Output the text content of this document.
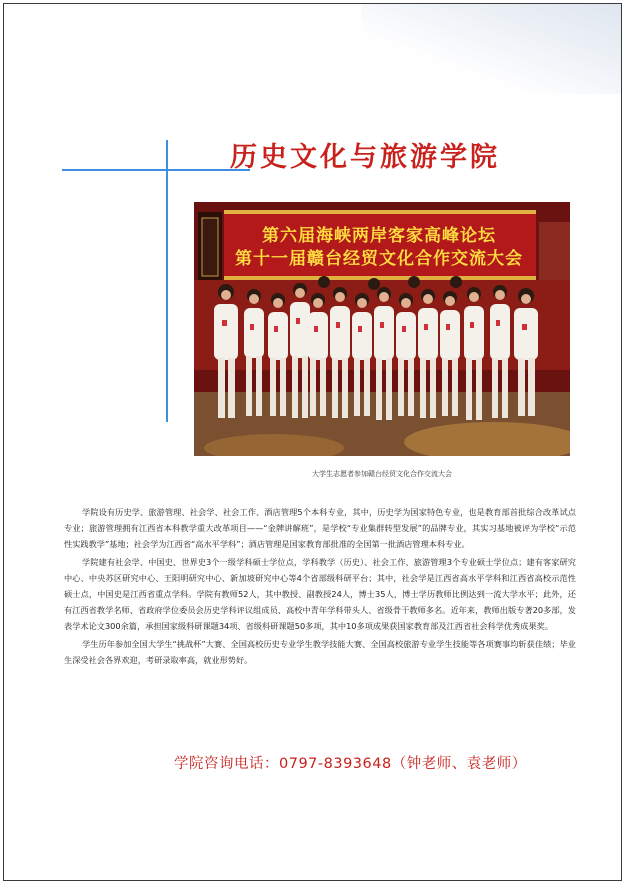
历史文化与旅游学院
第六届海峡两岸客家高峰论坛
第十一届赣台经贸文化合作交流大会
大学生志愿者参加赣台经贸文化合作交流大会

学院设有历史学、旅游管理、社会学、社会工作、酒店管理5个本科专业，其中，历史学为国家特色专业，也是教育部首批综合改革试点专业；旅游管理拥有江西省本科教学重大改革项目——“金牌讲解班”，是学校“专业集群转型发展”的品牌专业，其实习基地被评为学校“示范性实践教学”基地；社会学为江西省“高水平学科”；酒店管理是国家教育部批准的全国第一批酒店管理本科专业。

学院建有社会学、中国史、世界史3个一级学科硕士学位点，学科教学（历史）、社会工作、旅游管理3个专业硕士学位点；建有客家研究中心、中央苏区研究中心、王阳明研究中心、新加坡研究中心等4个省部级科研平台；其中，社会学是江西省高水平学科和江西省高校示范性硕士点，中国史是江西省重点学科。学院有教师52人，其中教授、副教授24人，博士35人，博士学历教师比例达到一流大学水平；此外，还有江西省教学名师、省政府学位委员会历史学科评议组成员、高校中青年学科带头人、省级骨干教师多名。近年来，教师出版专著20多部，发表学术论文300余篇，承担国家级科研课题34项、省级科研课题50多项，其中10多项成果获国家教育部及江西省社会科学优秀成果奖。

学生历年参加全国大学生“挑战杯”大赛、全国高校历史专业学生教学技能大赛、全国高校旅游专业学生技能等各项赛事均斩获佳绩；毕业生深受社会各界欢迎，考研录取率高，就业形势好。

学院咨询电话：0797-8393648（钟老师、袁老师）
